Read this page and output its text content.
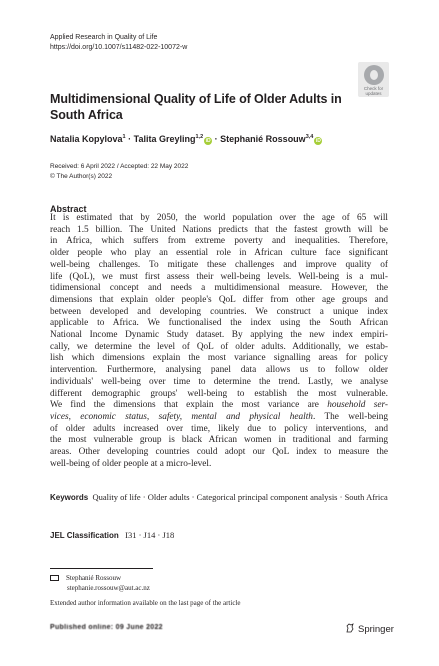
Applied Research in Quality of Life
https://doi.org/10.1007/s11482-022-10072-w
Check for
updates
Multidimensional Quality of Life of Older Adults in South Africa
Natalia Kopylova$^1$ · Talita Greyling$^{1,2}$iD · Stephanié Rossouw$^{3,4}$iD
Received: 6 April 2022 / Accepted: 22 May 2022
© The Author(s) 2022
Abstract
It is estimated that by 2050, the world population over the age of 65 will
reach 1.5 billion. The United Nations predicts that the fastest growth will be
in Africa, which suffers from extreme poverty and inequalities. Therefore,
older people who play an essential role in African culture face significant
well-being challenges. To mitigate these challenges and improve quality of
life (QoL), we must first assess their well-being levels. Well-being is a mul-
tidimensional concept and needs a multidimensional measure. However, the
dimensions that explain older people's QoL differ from other age groups and
between developed and developing countries. We construct a unique index
applicable to Africa. We functionalised the index using the South African
National Income Dynamic Study dataset. By applying the new index empiri-
cally, we determine the level of QoL of older adults. Additionally, we estab-
lish which dimensions explain the most variance signalling areas for policy
intervention. Furthermore, analysing panel data allows us to follow older
individuals' well-being over time to determine the trend. Lastly, we analyse
different demographic groups' well-being to establish the most vulnerable.
We find the dimensions that explain the most variance are household ser-
vices, economic status, safety, mental and physical health. The well-being
of older adults increased over time, likely due to policy interventions, and
the most vulnerable group is black African women in traditional and farming
areas. Other developing countries could adopt our QoL index to measure the
well-being of older people at a micro-level.
Keywords Quality of life · Older adults · Categorical principal component analysis · South Africa
JEL Classification I31 · J14 · J18
Stephanié Rossouw
stephanie.rossouw@aut.ac.nz
Extended author information available on the last page of the article
Published online: 09 June 2022	Springer
